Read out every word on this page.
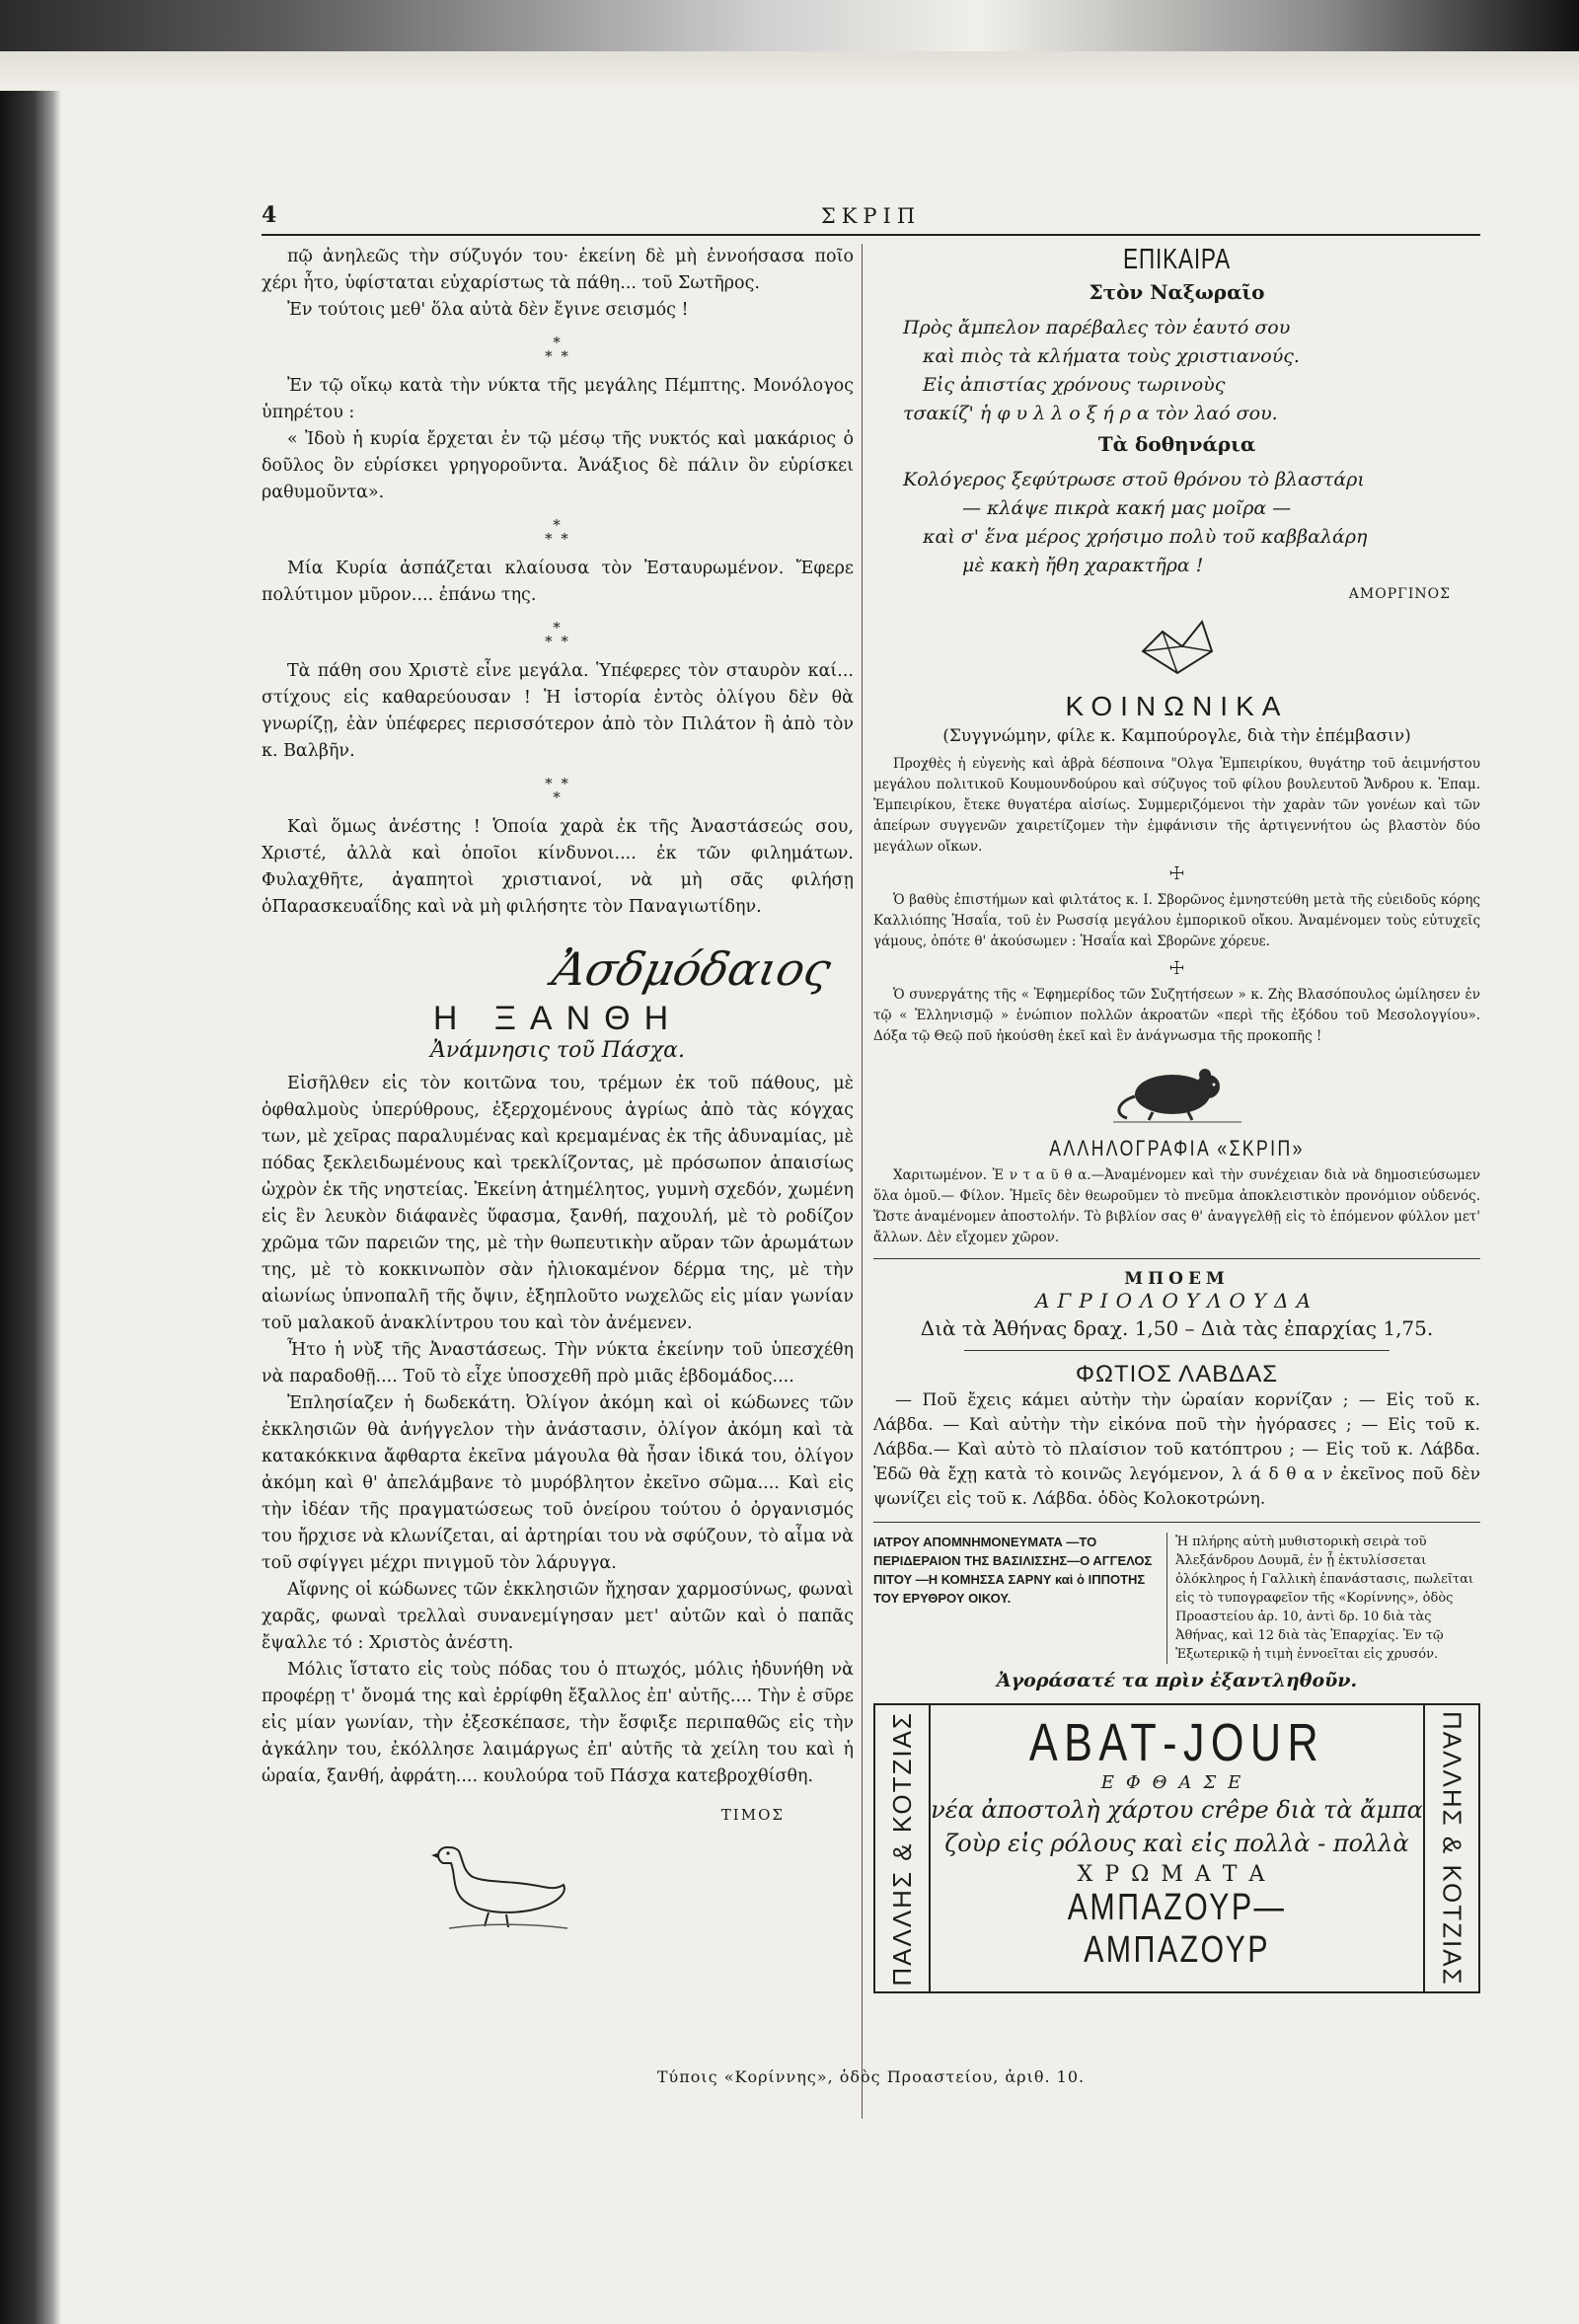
4	ΣΚΡΙΠ

πῷ ἀνηλεῶς τὴν σύζυγόν του· ἐκείνη δὲ μὴ ἐννοήσασα ποῖο χέρι ἦτο, ὑφίσταται εὐχαρίστως τὰ πάθη... τοῦ Σωτῆρος.

Ἐν τούτοις μεθ' ὅλα αὐτὰ δὲν ἔγινε σεισμός !

*
* *

Ἐν τῷ οἴκῳ κατὰ τὴν νύκτα τῆς μεγάλης Πέμπτης. Μονόλογος ὑπηρέτου :

« Ἰδοὺ ἡ κυρία ἔρχεται ἐν τῷ μέσῳ τῆς νυκτός καὶ μακάριος ὁ δοῦλος ὃν εὑρίσκει γρηγοροῦντα. Ἀνάξιος δὲ πάλιν ὃν εὑρίσκει ραθυμοῦντα».

*
* *

Μία Κυρία ἀσπάζεται κλαίουσα τὸν Ἐσταυρωμένον. Ἔφερε πολύτιμον μῦρον.... ἐπάνω της.

*
* *

Τὰ πάθη σου Χριστὲ εἶνε μεγάλα. Ὑπέφερες τὸν σταυρὸν καί... στίχους εἰς καθαρεύουσαν ! Ἡ ἱστορία ἐντὸς ὀλίγου δὲν θὰ γνωρίζῃ, ἐὰν ὑπέφερες περισσότερον ἀπὸ τὸν Πιλάτον ἢ ἀπὸ τὸν κ. Βαλβῆν.

* *
*

Καὶ ὅμως ἀνέστης ! Ὁποία χαρὰ ἐκ τῆς Ἀναστάσεώς σου, Χριστέ, ἀλλὰ καὶ ὁποῖοι κίνδυνοι.... ἐκ τῶν φιλημάτων. Φυλαχθῆτε, ἀγαπητοὶ χριστιανοί, νὰ μὴ σᾶς φιλήσῃ ὁΠαρασκευαΐδης καὶ νὰ μὴ φιλήσητε τὸν Παναγιωτίδην.

Ἀσδμόδαιος
Η ΞΑΝΘΗ
Ἀνάμνησις τοῦ Πάσχα.

Εἰσῆλθεν εἰς τὸν κοιτῶνα του, τρέμων ἐκ τοῦ πάθους, μὲ ὀφθαλμοὺς ὑπερύθρους, ἐξερχομένους ἀγρίως ἀπὸ τὰς κόγχας των, μὲ χεῖρας παραλυμένας καὶ κρεμαμένας ἐκ τῆς ἀδυναμίας, μὲ πόδας ξεκλειδωμένους καὶ τρεκλίζοντας, μὲ πρόσωπον ἀπαισίως ὠχρὸν ἐκ τῆς νηστείας. Ἐκείνη ἀτημέλητος, γυμνὴ σχεδόν, χωμένη εἰς ἓν λευκὸν διάφανὲς ὕφασμα, ξανθή, παχουλή, μὲ τὸ ροδίζον χρῶμα τῶν παρειῶν της, μὲ τὴν θωπευτικὴν αὔραν τῶν ἀρωμάτων της, μὲ τὸ κοκκινωπὸν σὰν ἡλιοκαμένον δέρμα της, μὲ τὴν αἰωνίως ὑπνοπαλῆ τῆς ὄψιν, ἐξηπλοῦτο νωχελῶς εἰς μίαν γωνίαν τοῦ μαλακοῦ ἀνακλίντρου του καὶ τὸν ἀνέμενεν.

Ἦτο ἡ νὺξ τῆς Ἀναστάσεως. Τὴν νύκτα ἐκείνην τοῦ ὑπεσχέθη νὰ παραδοθῇ.... Τοῦ τὸ εἶχε ὑποσχεθῆ πρὸ μιᾶς ἑβδομάδος....

Ἐπλησίαζεν ἡ δωδεκάτη. Ὀλίγον ἀκόμη καὶ οἱ κώδωνες τῶν ἐκκλησιῶν θὰ ἀνήγγελον τὴν ἀνάστασιν, ὀλίγον ἀκόμη καὶ τὰ κατακόκκινα ἄφθαρτα ἐκεῖνα μάγουλα θὰ ἦσαν ἰδικά του, ὀλίγον ἀκόμη καὶ θ' ἀπελάμβανε τὸ μυρόβλητον ἐκεῖνο σῶμα.... Καὶ εἰς τὴν ἰδέαν τῆς πραγματώσεως τοῦ ὀνείρου τούτου ὁ ὀργανισμός του ἤρχισε νὰ κλωνίζεται, αἱ ἀρτηρίαι του νὰ σφύζουν, τὸ αἷμα νὰ τοῦ σφίγγει μέχρι πνιγμοῦ τὸν λάρυγγα.

Αἴφνης οἱ κώδωνες τῶν ἐκκλησιῶν ἤχησαν χαρμοσύνως, φωναὶ χαρᾶς, φωναὶ τρελλαὶ συνανεμίγησαν μετ' αὐτῶν καὶ ὁ παπᾶς ἔψαλλε τό : Χριστὸς ἀνέστη.

Μόλις ἵστατο εἰς τοὺς πόδας του ὁ πτωχός, μόλις ἠδυνήθη νὰ προφέρῃ τ' ὄνομά της καὶ ἐρρίφθη ἔξαλλος ἐπ' αὐτῆς.... Τὴν ἐ σῦρε εἰς μίαν γωνίαν, τὴν ἐξεσκέπασε, τὴν ἔσφιξε περιπαθῶς εἰς τὴν ἀγκάλην του, ἐκόλλησε λαιμάργως ἐπ' αὐτῆς τὰ χείλη του καὶ ἡ ὡραία, ξανθή, ἀφράτη.... κουλούρα τοῦ Πάσχα κατεβροχθίσθη.

ΤΙΜΟΣ
ΕΠΙΚΑΙΡΑ
Στὸν Ναξωραῖο
Πρὸς ἄμπελον παρέβαλες τὸν ἑαυτό σου
καὶ πιὸς τὰ κλήματα τοὺς χριστιανούς.
Εἰς ἀπιστίας χρόνους τωρινοὺς
τσακίζ' ἡ φ υ λ λ ο ξ ή ρ α τὸν λαό σου.
Τὰ δοθηνάρια
Κολόγερος ξεφύτρωσε στοῦ θρόνου τὸ βλαστάρι
— κλάψε πικρὰ κακή μας μοῖρα —
καὶ σ' ἕνα μέρος χρήσιμο πολὺ τοῦ καββαλάρη
μὲ κακὴ ἤθη χαρακτῆρα !
ΑΜΟΡΓΙΝΟΣ
ΚΟΙΝΩΝΙΚΑ
(Συγγνώμην, φίλε κ. Καμπούρογλε, διὰ τὴν ἐπέμβασιν)

Προχθὲς ἡ εὐγενὴς καὶ ἁβρὰ δέσποινα "Ολγα Ἐμπειρίκου, θυγάτηρ τοῦ ἀειμνήστου μεγάλου πολιτικοῦ Κουμουνδούρου καὶ σύζυγος τοῦ φίλου βουλευτοῦ Ἄνδρου κ. Ἐπαμ. Ἐμπειρίκου, ἔτεκε θυγατέρα αἰσίως. Συμμεριζόμενοι τὴν χαρὰν τῶν γονέων καὶ τῶν ἀπείρων συγγενῶν χαιρετίζομεν τὴν ἐμφάνισιν τῆς ἀρτιγεννήτου ὡς βλαστὸν δύο μεγάλων οἴκων.

☩

Ὁ βαθὺς ἐπιστήμων καὶ φιλτάτος κ. Ι. Σβορῶνος ἐμνηστεύθη μετὰ τῆς εὐειδοῦς κόρης Καλλιόπης Ἡσαΐα, τοῦ ἐν Ρωσσίᾳ μεγάλου ἐμπορικοῦ οἴκου. Ἀναμένομεν τοὺς εὐτυχεῖς γάμους, ὁπότε θ' ἀκούσωμεν : Ἡσαΐα καὶ Σβορῶνε χόρευε.

☩

Ὁ συνεργάτης τῆς « Ἐφημερίδος τῶν Συζητήσεων » κ. Ζὴς Βλασόπουλος ὡμίλησεν ἐν τῷ « Ἑλληνισμῷ » ἐνώπιον πολλῶν ἀκροατῶν «περὶ τῆς ἐξόδου τοῦ Μεσολογγίου». Δόξα τῷ Θεῷ ποῦ ἠκούσθη ἐκεῖ καὶ ἓν ἀνάγνωσμα τῆς προκοπῆς !

ΑΛΛΗΛΟΓΡΑΦΙΑ «ΣΚΡΙΠ»

Χαριτωμένον. Ἐ ν τ α ῦ θ α.—Ἀναμένομεν καὶ τὴν συνέχειαν διὰ νὰ δημοσιεύσωμεν ὅλα ὁμοῦ.— Φίλον. Ἡμεῖς δὲν θεωροῦμεν τὸ πνεῦμα ἀποκλειστικὸν προνόμιον οὐδενός. Ὥστε ἀναμένομεν ἀποστολήν. Τὸ βιβλίον σας θ' ἀναγγελθῇ εἰς τὸ ἐπόμενον φύλλον μετ' ἄλλων. Δὲν εἴχομεν χῶρον.

ΜΠΟΕΜ
ΑΓΡΙΟΛΟΥΛΟΥΔΑ
Διὰ τὰ Ἀθήνας δραχ. 1,50 – Διὰ τὰς ἐπαρχίας 1,75.
ΦΩΤΙΟΣ ΛΑΒΔΑΣ

— Ποῦ ἔχεις κάμει αὐτὴν τὴν ὡραίαν κορνίζαν ; — Εἰς τοῦ κ. Λάβδα. — Καὶ αὐτὴν τὴν εἰκόνα ποῦ τὴν ἠγόρασες ; — Εἰς τοῦ κ. Λάβδα.— Καὶ αὐτὸ τὸ πλαίσιον τοῦ κατόπτρου ; — Εἰς τοῦ κ. Λάβδα. Ἐδῶ θὰ ἔχῃ κατὰ τὸ κοινῶς λεγόμενον, λ ά δ θ α ν ἐκεῖνος ποῦ δὲν ψωνίζει εἰς τοῦ κ. Λάβδα. ὁδὸς Κολοκοτρώνη.

ΙΑΤΡΟΥ ΑΠΟΜΝΗΜΟΝΕΥΜΑΤΑ —ΤΟ ΠΕΡΙΔΕΡΑΙΟΝ ΤΗΣ ΒΑΣΙΛΙΣΣΗΣ—Ο ΑΓΓΕΛΟΣ ΠΙΤΟΥ —Η ΚΟΜΗΣΣΑ ΣΑΡΝΥ καὶ ὁ ΙΠΠΟΤΗΣ ΤΟΥ ΕΡΥΘΡΟΥ ΟΙΚΟΥ.
Ἡ πλήρης αὐτὴ μυθιστορικὴ σειρὰ τοῦ Ἀλεξάνδρου Δουμᾶ, ἐν ᾗ ἐκτυλίσσεται ὁλόκληρος ἡ Γαλλικὴ ἐπανάστασις, πωλεῖται εἰς τὸ τυπογραφεῖον τῆς «Κορίννης», ὁδὸς Προαστείου ἀρ. 10, ἀντὶ δρ. 10 διὰ τὰς Ἀθήνας, καὶ 12 διὰ τὰς Ἐπαρχίας. Ἐν τῷ Ἐξωτερικῷ ἡ τιμὴ ἐννοεῖται εἰς χρυσόν.
Ἀγοράσατέ τα πρὶν ἐξαντληθοῦν.
ΠΑΛΛΗΣ & ΚΟΤΖΙΑΣ	ΑΒΑΤ-JOUR
ΕΦΘΑΣΕ
νέα ἀποστολὴ χάρτου crêpe διὰ τὰ ἄμπα
ζοὺρ εἰς ρόλους καὶ εἰς πολλὰ - πολλὰ
ΧΡΩΜΑΤΑ
ΑΜΠΑΖΟΥΡ—ΑΜΠΑΖΟΥΡ	ΠΑΛΛΗΣ & ΚΟΤΖΙΑΣ
Τύποις «Κορίννης», ὁδὸς Προαστείου, ἀριθ. 10.
